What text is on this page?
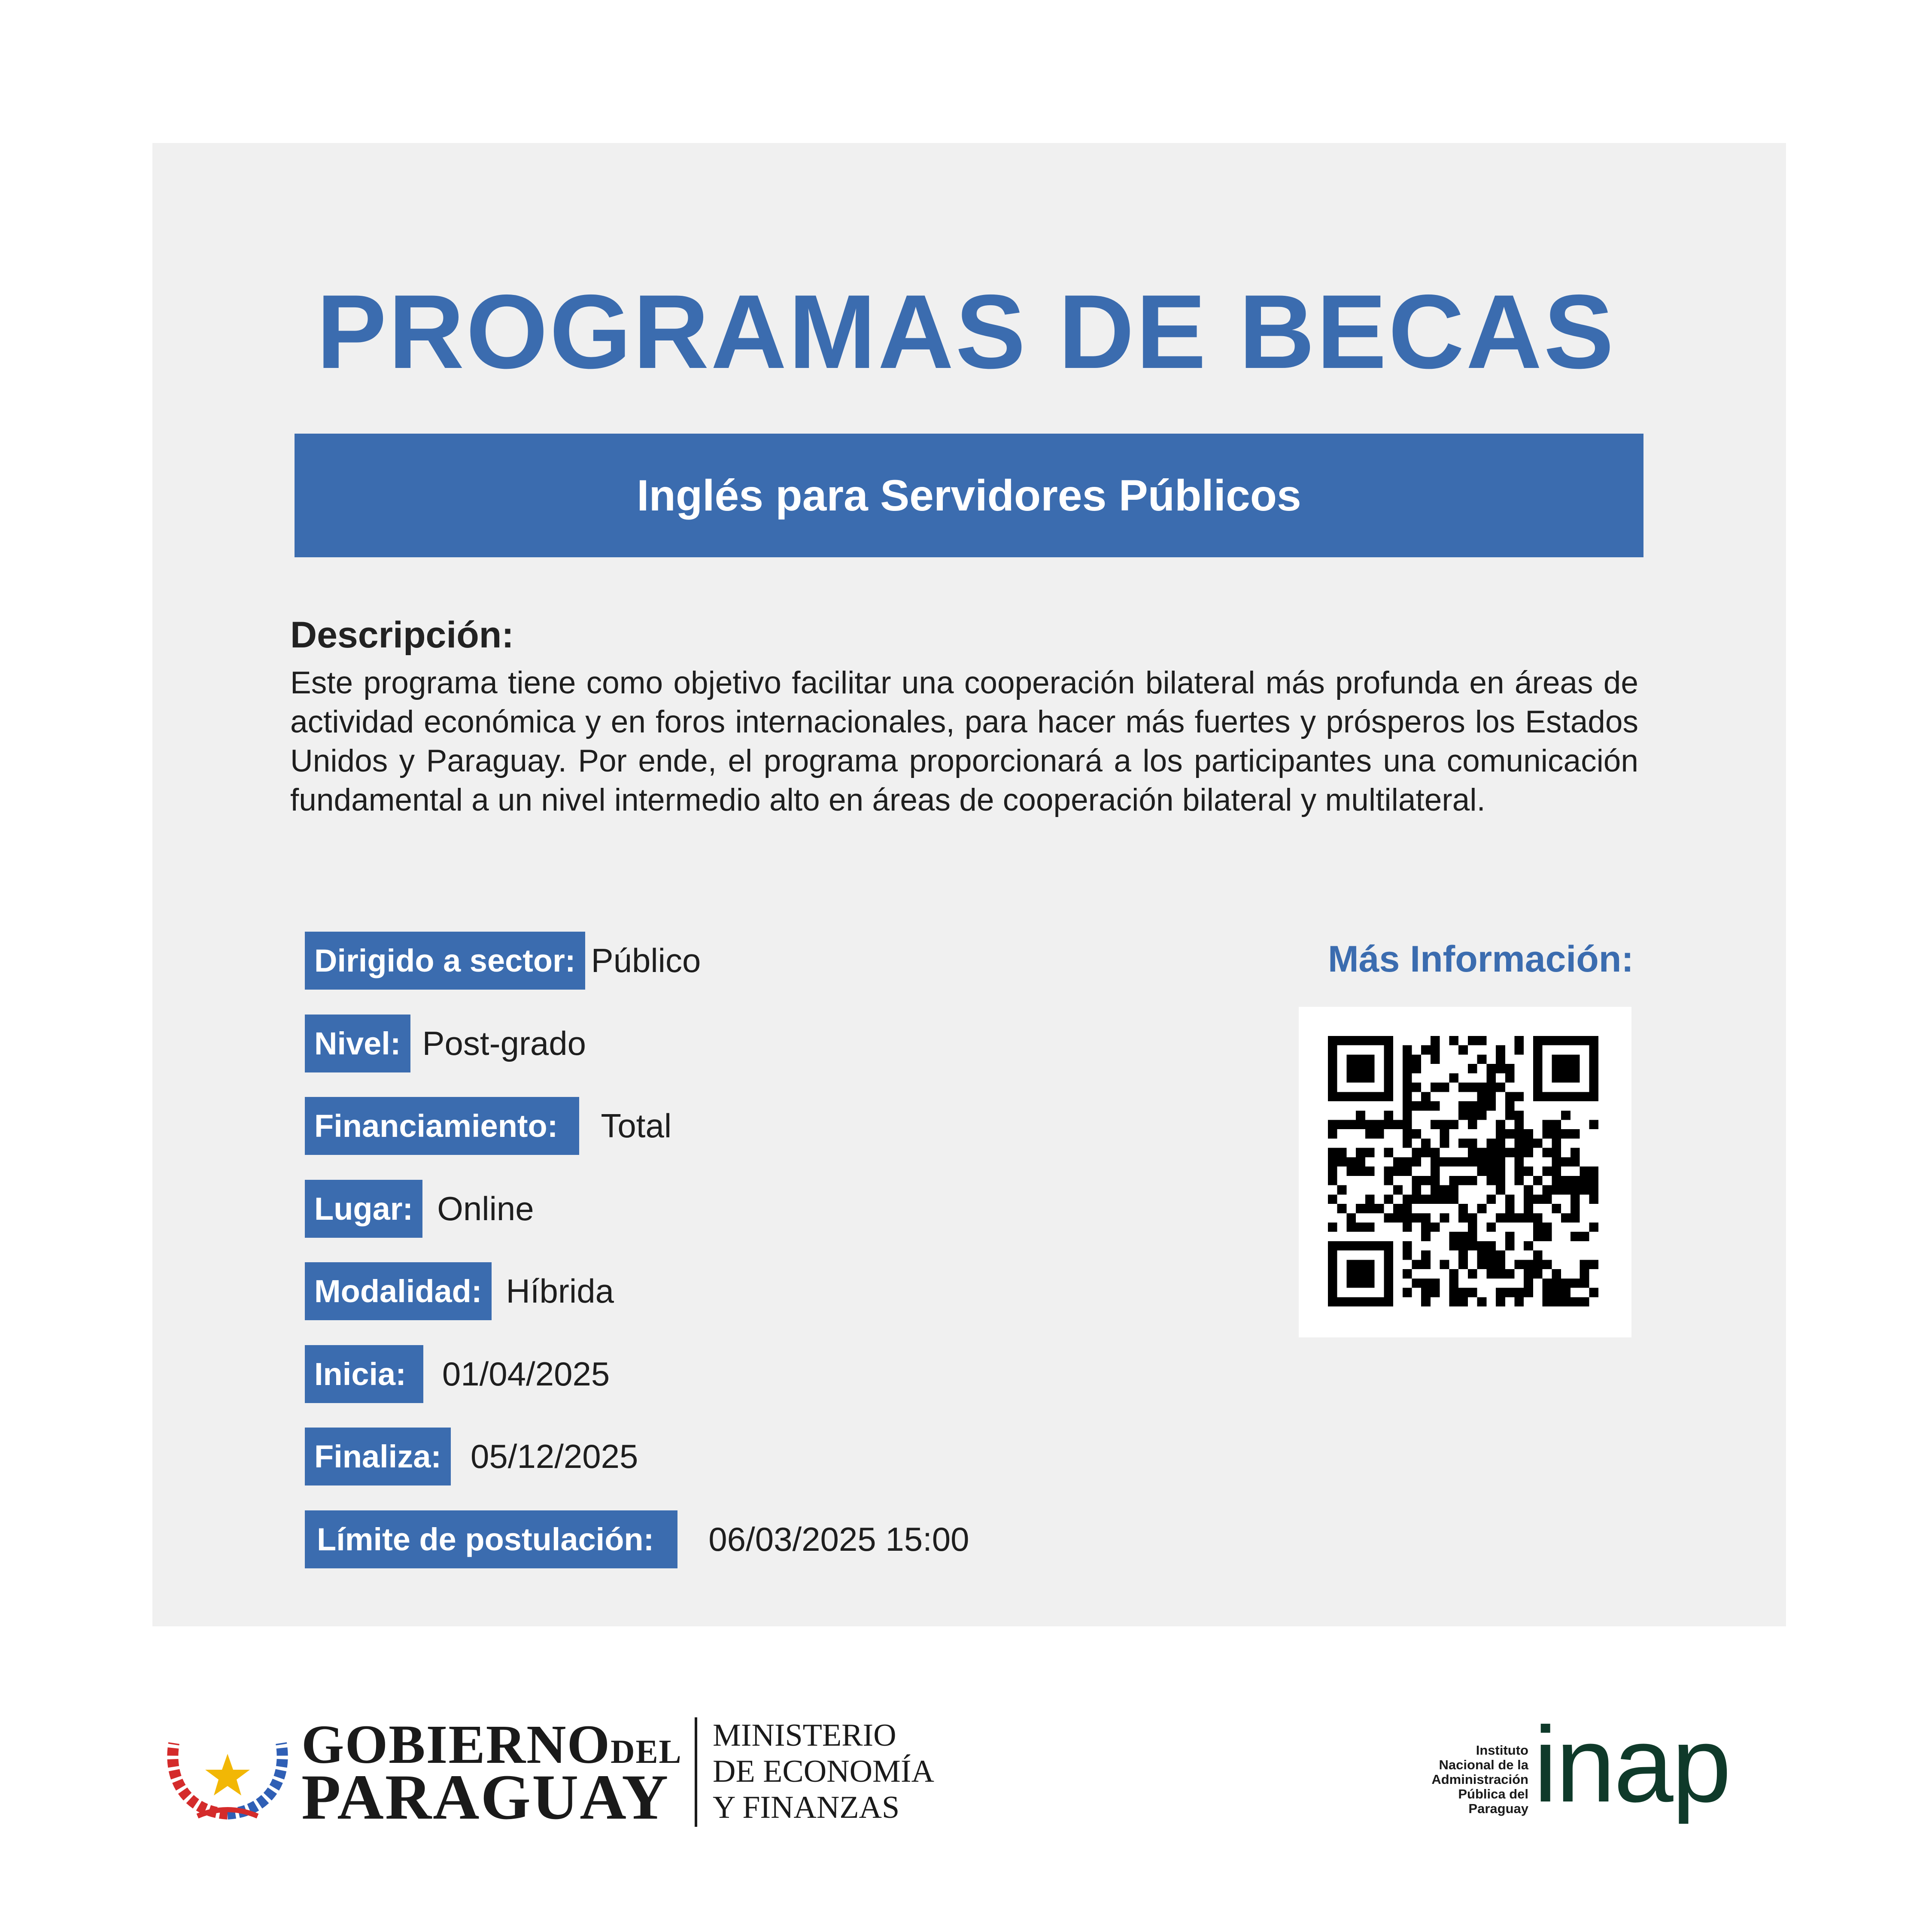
PROGRAMAS DE BECAS
Inglés para Servidores Públicos
Descripción:
Este programa tiene como objetivo facilitar una cooperación bilateral más profunda en áreas de actividad económica y en foros internacionales, para hacer más fuertes y prósperos los Estados Unidos y Paraguay. Por ende, el programa proporcionará a los participantes una comunicación fundamental a un nivel intermedio alto en áreas de cooperación bilateral y multilateral.
Dirigido a sector: Público
Nivel: Post-grado
Financiamiento:	Total
Lugar: Online
Modalidad: Híbrida
Inicia:	01/04/2025
Finaliza: 05/12/2025
Límite de postulación:	06/03/2025 15:00
Más Información:
GOBIERNODEL
PARAGUAY
MINISTERIO
DE ECONOMÍA
Y FINANZAS
Instituto
Nacional de la
Administración
Pública del
Paraguay inap
